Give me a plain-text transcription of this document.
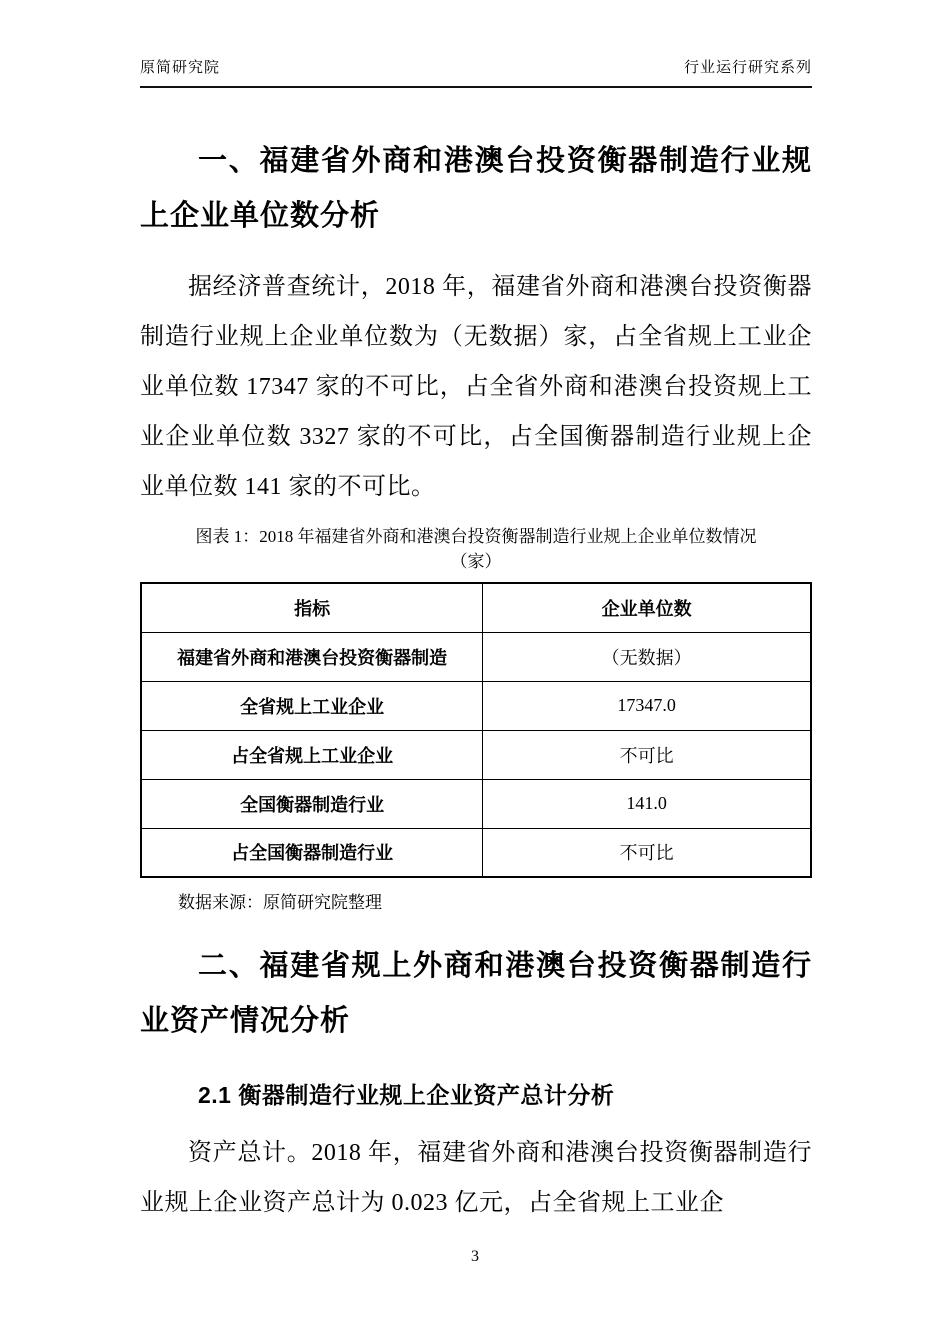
原简研究院	行业运行研究系列
一、福建省外商和港澳台投资衡器制造行业规上企业单位数分析

据经济普查统计，2018 年，福建省外商和港澳台投资衡器制造行业规上企业单位数为（无数据）家，占全省规上工业企业单位数 17347 家的不可比，占全省外商和港澳台投资规上工业企业单位数 3327 家的不可比，占全国衡器制造行业规上企业单位数 141 家的不可比。

图表 1：2018 年福建省外商和港澳台投资衡器制造行业规上企业单位数情况
（家）
指标	企业单位数
福建省外商和港澳台投资衡器制造	（无数据）
全省规上工业企业	17347.0
占全省规上工业企业	不可比
全国衡器制造行业	141.0
占全国衡器制造行业	不可比
数据来源：原简研究院整理
二、福建省规上外商和港澳台投资衡器制造行业资产情况分析
2.1 衡器制造行业规上企业资产总计分析

资产总计。2018 年，福建省外商和港澳台投资衡器制造行业规上企业资产总计为 0.023 亿元，占全省规上工业企

3
